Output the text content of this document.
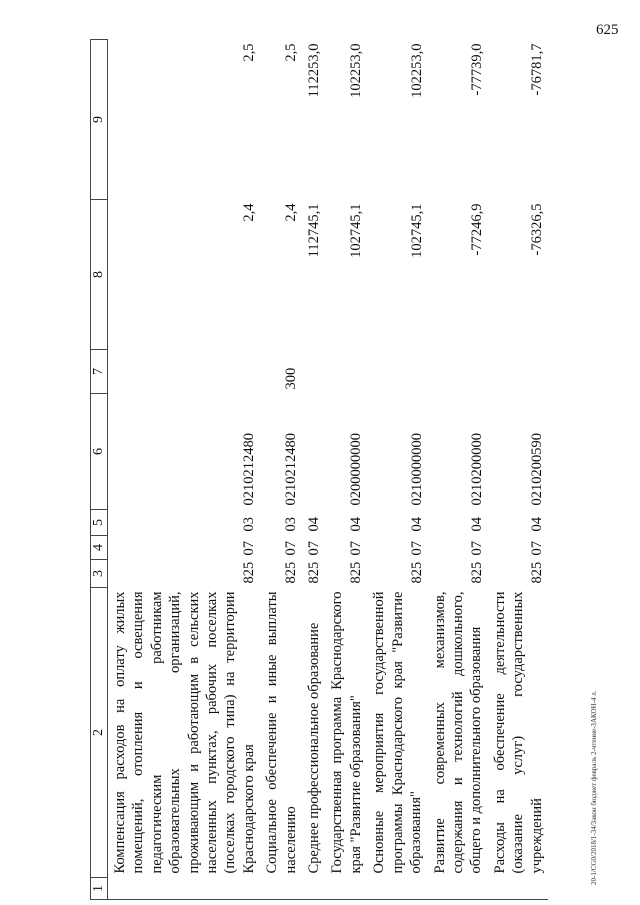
625
20-1/CG0/2018/1-34/Закон бюджет февраль 2-чтение-ЗАКОН-4 л.
1	2	3	4	5	6	7	8	9
	Компенсация расходов на оплату жилых помещений, отопления и освещения педагогическим работникам образовательных организаций, проживающим и работающим в сельских населенных пунктах, рабочих поселках (поселках городского типа) на территории Краснодарского края	825	07	03	0210212480		2,4	2,5
	Социальное обеспечение и иные выплаты населению	825	07	03	0210212480	300	2,4	2,5
	Среднее профессиональное образование	825	07	04			112745,1	112253,0
	Государственная программа Краснодарского края "Развитие образования"	825	07	04	0200000000		102745,1	102253,0
	Основные мероприятия государственной программы Краснодарского края "Развитие образования"	825	07	04	0210000000		102745,1	102253,0
	Развитие современных механизмов, содержания и технологий дошкольного, общего и дополнительного образования	825	07	04	0210200000		-77246,9	-77739,0
	Расходы на обеспечение деятельности (оказание услуг) государственных учреждений	825	07	04	0210200590		-76326,5	-76781,7
